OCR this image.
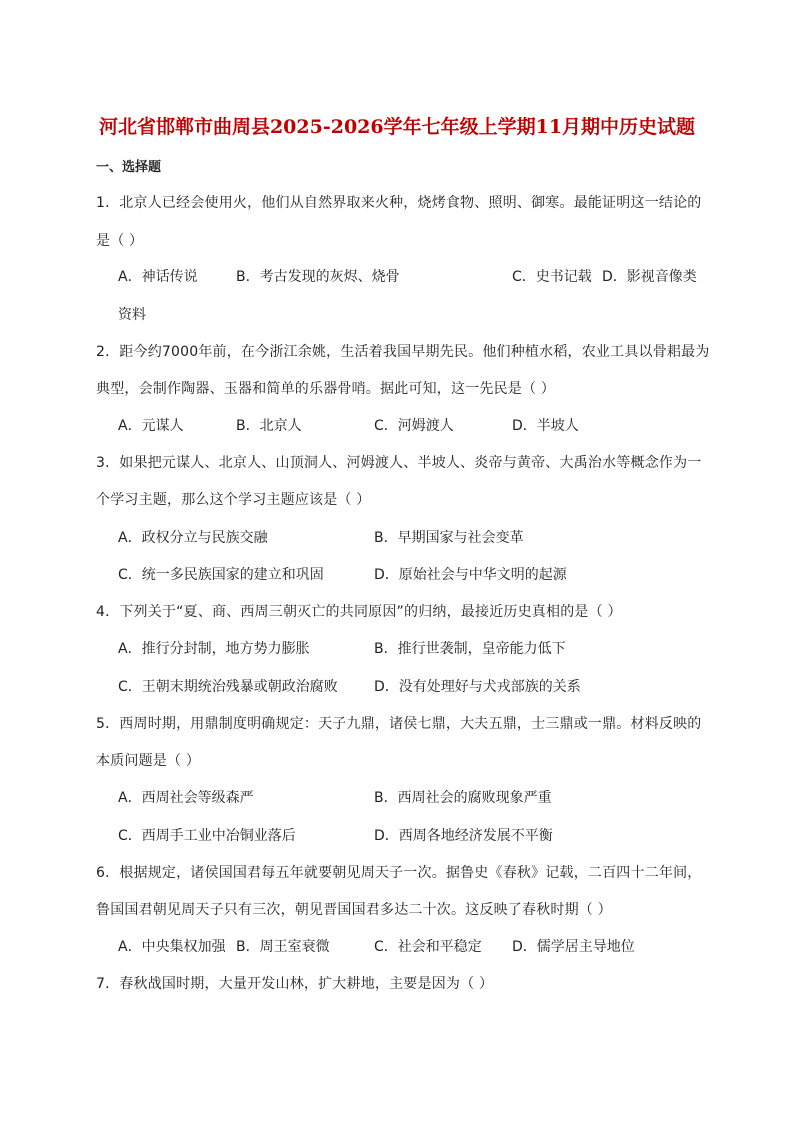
河北省邯郸市曲周县2025-2026学年七年级上学期11月期中历史试题
一、选择题
1．北京人已经会使用火，他们从自然界取来火种，烧烤食物、照明、御寒。最能证明这一结论的
是（ ）
A．神话传说	B．考古发现的灰烬、烧骨	C．史书记载 D．影视音像类
资料
2．距今约7000年前，在今浙江余姚，生活着我国早期先民。他们种植水稻，农业工具以骨耜最为
典型，会制作陶器、玉器和简单的乐器骨哨。据此可知，这一先民是（ ）
A．元谋人	B．北京人	C．河姆渡人	D．半坡人
3．如果把元谋人、北京人、山顶洞人、河姆渡人、半坡人、炎帝与黄帝、大禹治水等概念作为一
个学习主题，那么这个学习主题应该是（ ）
A．政权分立与民族交融	B．早期国家与社会变革
C．统一多民族国家的建立和巩固	D．原始社会与中华文明的起源
4．下列关于“夏、商、西周三朝灭亡的共同原因”的归纳，最接近历史真相的是（ ）
A．推行分封制，地方势力膨胀	B．推行世袭制，皇帝能力低下
C．王朝末期统治残暴或朝政治腐败	D．没有处理好与犬戎部族的关系
5．西周时期，用鼎制度明确规定：天子九鼎，诸侯七鼎，大夫五鼎，士三鼎或一鼎。材料反映的
本质问题是（ ）
A．西周社会等级森严	B．西周社会的腐败现象严重
C．西周手工业中冶铜业落后	D．西周各地经济发展不平衡
6．根据规定，诸侯国国君每五年就要朝见周天子一次。据鲁史《春秋》记载，二百四十二年间，
鲁国国君朝见周天子只有三次，朝见晋国国君多达二十次。这反映了春秋时期（ ）
A．中央集权加强 B．周王室衰微	C．社会和平稳定 D．儒学居主导地位
7．春秋战国时期，大量开发山林，扩大耕地，主要是因为（ ）
